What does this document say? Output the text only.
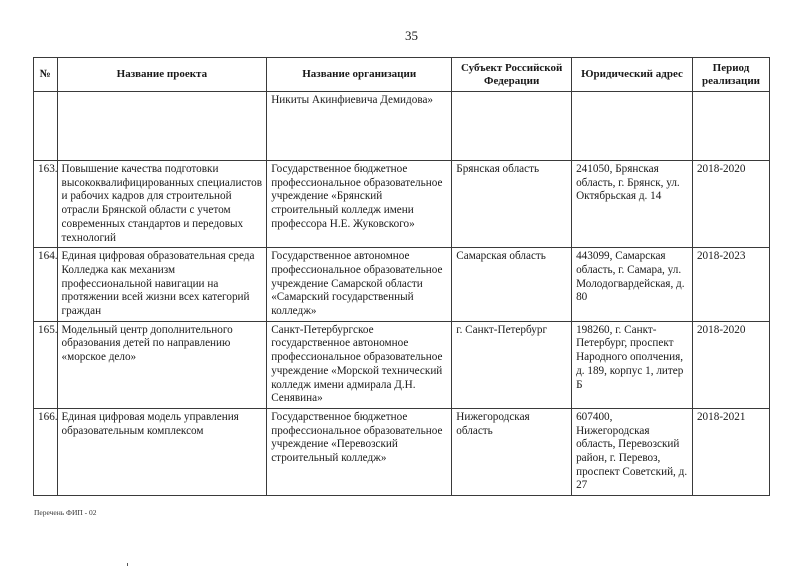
35
№	Название проекта	Название организации	Субъект Российской Федерации	Юридический адрес	Период реализации
		Никиты Акинфиевича Демидова»			
163.	Повышение качества подготовки высококвалифицированных специалистов и рабочих кадров для строительной отрасли Брянской области с учетом современных стандартов и передовых технологий	Государственное бюджетное профессиональное образовательное учреждение «Брянский строительный колледж имени профессора Н.Е. Жуковского»	Брянская область	241050, Брянская область, г. Брянск, ул. Октябрьская д. 14	2018-2020
164.	Единая цифровая образовательная среда Колледжа как механизм профессиональной навигации на протяжении всей жизни всех категорий граждан	Государственное автономное профессиональное образовательное учреждение Самарской области «Самарский государственный колледж»	Самарская область	443099, Самарская область, г. Самара, ул. Молодогвардейская, д. 80	2018-2023
165.	Модельный центр дополнительного образования детей по направлению «морское дело»	Санкт-Петербургское государственное автономное профессиональное образовательное учреждение «Морской технический колледж имени адмирала Д.Н. Сенявина»	г. Санкт-Петербург	198260, г. Санкт-Петербург, проспект Народного ополчения, д. 189, корпус 1, литер Б	2018-2020
166.	Единая цифровая модель управления образовательным комплексом	Государственное бюджетное профессиональное образовательное учреждение «Перевозский строительный колледж»	Нижегородская область	607400, Нижегородская область, Перевозский район, г. Перевоз, проспект Советский, д. 27	2018-2021
Перечень ФИП - 02
